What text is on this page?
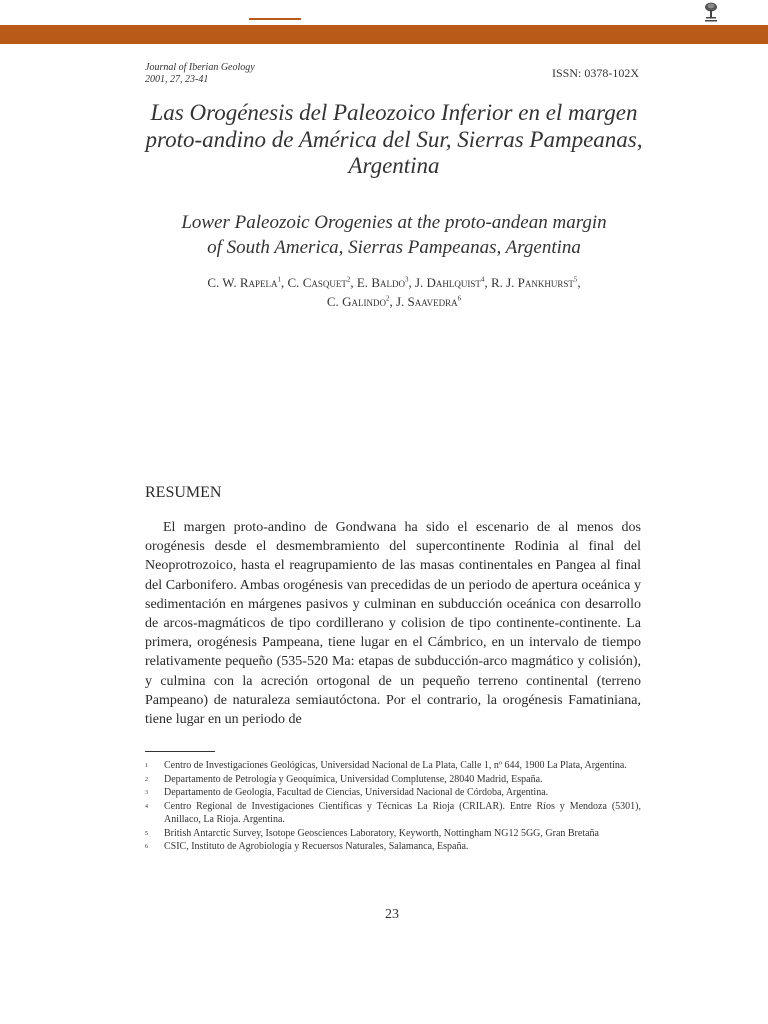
Journal of Iberian Geology
2001, 27, 23-41	ISSN: 0378-102X
Las Orogénesis del Paleozoico Inferior en el margen
proto-andino de América del Sur, Sierras Pampeanas,
Argentina
Lower Paleozoic Orogenies at the proto-andean margin
of South America, Sierras Pampeanas, Argentina
C. W. Rapela$^1$, C. Casquet$^2$, E. Baldo$^3$, J. Dahlquist$^4$, R. J. Pankhurst$^5$,
C. Galindo$^2$, J. Saavedra$^6$
RESUMEN

El margen proto-andino de Gondwana ha sido el escenario de al menos dos orogénesis desde el desmembramiento del supercontinente Rodinia al final del Neoprotrozoico, hasta el reagrupamiento de las masas continentales en Pangea al final del Carbonifero. Ambas orogénesis van precedidas de un periodo de apertura oceánica y sedimentación en márgenes pasivos y culminan en subducción oceánica con desarrollo de arcos-magmáticos de tipo cordillerano y colision de tipo continente-continente. La primera, orogénesis Pampeana, tiene lugar en el Cámbrico, en un intervalo de tiempo relativamente pequeño (535-520 Ma: etapas de subducción-arco magmático y colisión), y culmina con la acreción ortogonal de un pequeño terreno continental (terreno Pampeano) de naturaleza semiautóctona. Por el contrario, la orogénesis Famatiniana, tiene lugar en un periodo de

1 Centro de Investigaciones Geológicas, Universidad Nacional de La Plata, Calle 1, nº 644, 1900 La Plata, Argentina.

2 Departamento de Petrología y Geoquímica, Universidad Complutense, 28040 Madrid, España.

3 Departamento de Geología, Facultad de Ciencias, Universidad Nacional de Córdoba, Argentina.

4 Centro Regional de Investigaciones Científicas y Técnicas La Rioja (CRILAR). Entre Ríos y Mendoza (5301), Anillaco, La Rioja. Argentina.

5 British Antarctic Survey, Isotope Geosciences Laboratory, Keyworth, Nottingham NG12 5GG, Gran Bretaña

6 CSIC, Instituto de Agrobiología y Recuersos Naturales, Salamanca, España.

23
